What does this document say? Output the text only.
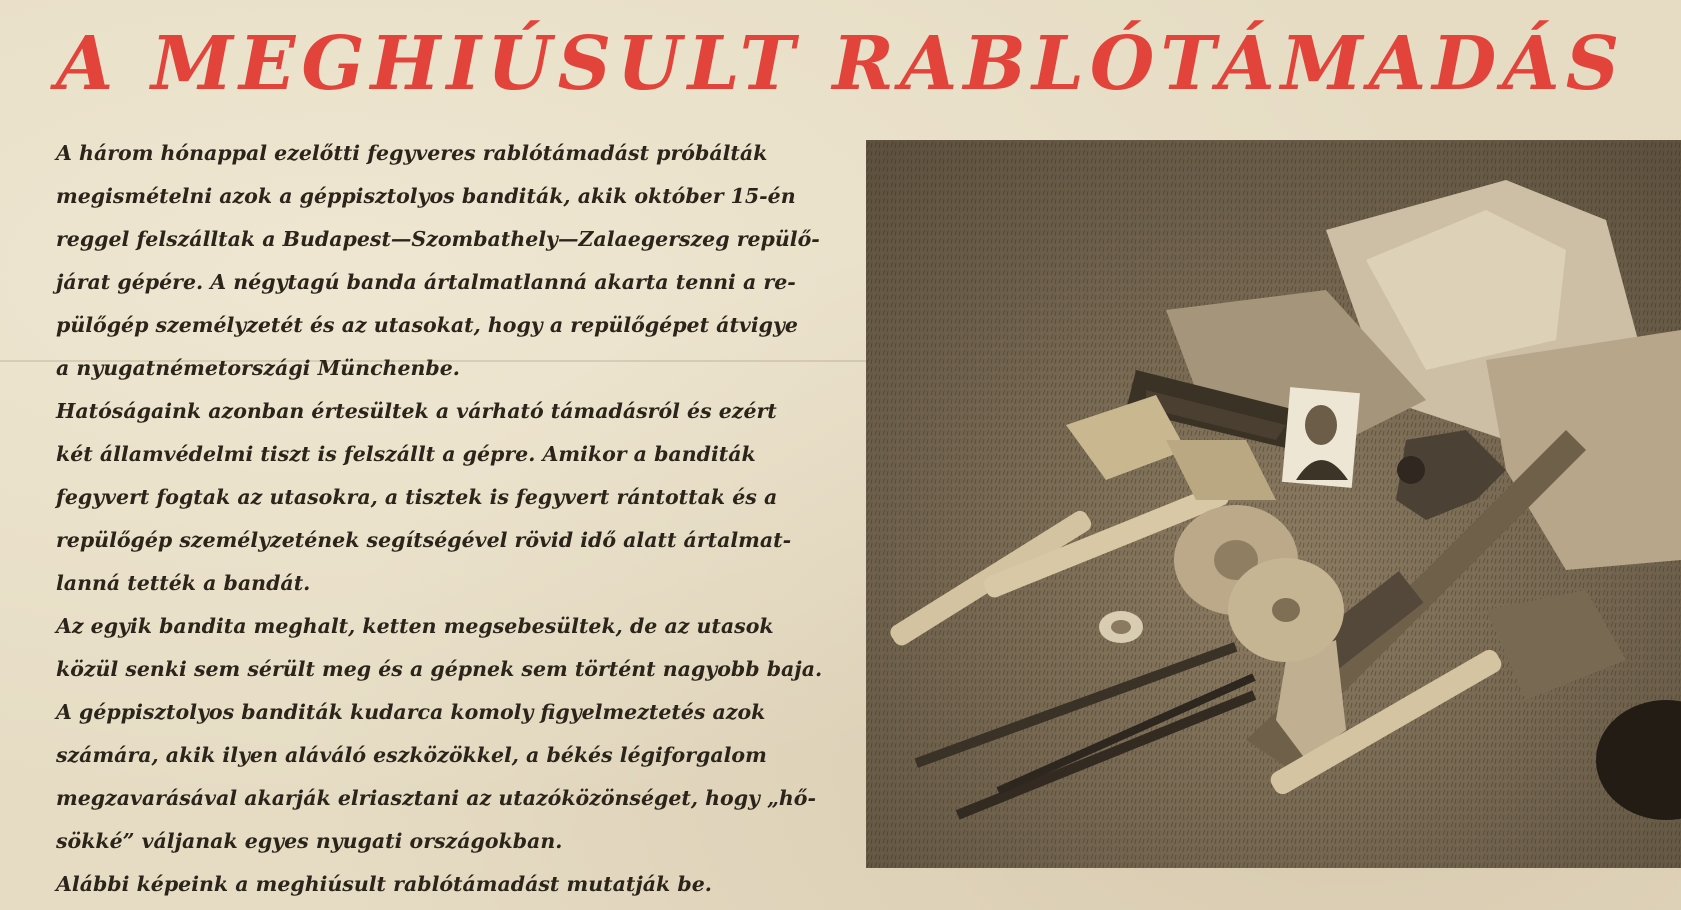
A MEGHIÚSULT RABLÓTÁMADÁS

A három hónappal ezelőtti fegyveres rablótámadást próbálták
megismételni azok a géppisztolyos banditák, akik október 15-én
reggel felszálltak a Budapest—Szombathely—Zalaegerszeg repülő-
járat gépére. A négytagú banda ártalmatlanná akarta tenni a re-
pülőgép személyzetét és az utasokat, hogy a repülőgépet átvigye
a nyugatnémetországi Münchenbe.

Hatóságaink azonban értesültek a várható támadásról és ezért
két államvédelmi tiszt is felszállt a gépre. Amikor a banditák
fegyvert fogtak az utasokra, a tisztek is fegyvert rántottak és a
repülőgép személyzetének segítségével rövid idő alatt ártalmat-
lanná tették a bandát.

Az egyik bandita meghalt, ketten megsebesültek, de az utasok
közül senki sem sérült meg és a gépnek sem történt nagyobb baja.

A géppisztolyos banditák kudarca komoly figyelmeztetés azok
számára, akik ilyen aláváló eszközökkel, a békés légiforgalom
megzavarásával akarják elriasztani az utazóközönséget, hogy „hő-
sökké” váljanak egyes nyugati országokban.

Alábbi képeink a meghiúsult rablótámadást mutatják be.
